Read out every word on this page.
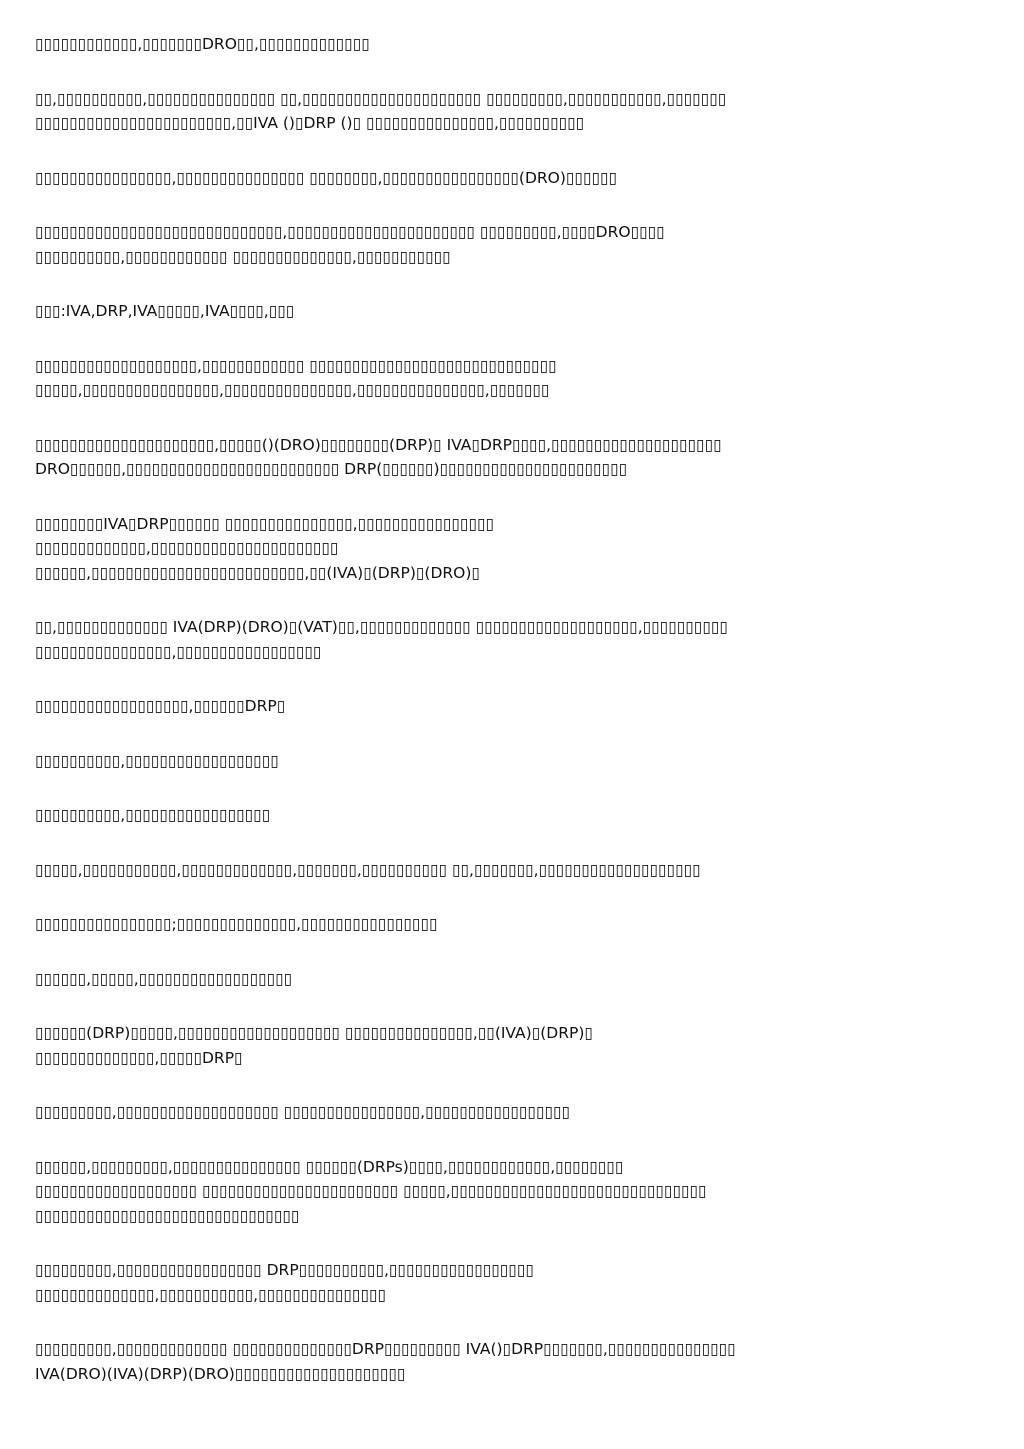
▯▯▯▯▯▯▯▯▯▯▯▯,▯▯▯▯▯▯▯DRO▯▯,▯▯▯▯▯▯▯▯▯▯▯▯▯

▯▯,▯▯▯▯▯▯▯▯▯▯,▯▯▯▯▯▯▯▯▯▯▯▯▯▯▯ ▯▯,▯▯▯▯▯▯▯▯▯▯▯▯▯▯▯▯▯▯▯▯▯ ▯▯▯▯▯▯▯▯▯,▯▯▯▯▯▯▯▯▯▯▯,▯▯▯▯▯▯▯
▯▯▯▯▯▯▯▯▯▯▯▯▯▯▯▯▯▯▯▯▯▯▯,▯▯IVA ()▯DRP ()▯ ▯▯▯▯▯▯▯▯▯▯▯▯▯▯▯,▯▯▯▯▯▯▯▯▯▯

▯▯▯▯▯▯▯▯▯▯▯▯▯▯▯▯,▯▯▯▯▯▯▯▯▯▯▯▯▯▯▯ ▯▯▯▯▯▯▯▯,▯▯▯▯▯▯▯▯▯▯▯▯▯▯▯▯(DRO)▯▯▯▯▯▯

▯▯▯▯▯▯▯▯▯▯▯▯▯▯▯▯▯▯▯▯▯▯▯▯▯▯▯▯▯,▯▯▯▯▯▯▯▯▯▯▯▯▯▯▯▯▯▯▯▯▯▯ ▯▯▯▯▯▯▯▯▯,▯▯▯▯DRO▯▯▯▯
▯▯▯▯▯▯▯▯▯▯,▯▯▯▯▯▯▯▯▯▯▯▯ ▯▯▯▯▯▯▯▯▯▯▯▯▯▯,▯▯▯▯▯▯▯▯▯▯▯

▯▯▯:IVA,DRP,IVA▯▯▯▯▯,IVA▯▯▯▯,▯▯▯

▯▯▯▯▯▯▯▯▯▯▯▯▯▯▯▯▯▯▯,▯▯▯▯▯▯▯▯▯▯▯▯ ▯▯▯▯▯▯▯▯▯▯▯▯▯▯▯▯▯▯▯▯▯▯▯▯▯▯▯▯▯
▯▯▯▯▯,▯▯▯▯▯▯▯▯▯▯▯▯▯▯▯▯,▯▯▯▯▯▯▯▯▯▯▯▯▯▯▯,▯▯▯▯▯▯▯▯▯▯▯▯▯▯▯,▯▯▯▯▯▯▯

▯▯▯▯▯▯▯▯▯▯▯▯▯▯▯▯▯▯▯▯▯,▯▯▯▯▯()(DRO)▯▯▯▯▯▯▯▯(DRP)▯ IVA▯DRP▯▯▯▯,▯▯▯▯▯▯▯▯▯▯▯▯▯▯▯▯▯▯▯▯
DRO▯▯▯▯▯▯,▯▯▯▯▯▯▯▯▯▯▯▯▯▯▯▯▯▯▯▯▯▯▯▯▯ DRP(▯▯▯▯▯▯)▯▯▯▯▯▯▯▯▯▯▯▯▯▯▯▯▯▯▯▯▯▯

▯▯▯▯▯▯▯▯IVA▯DRP▯▯▯▯▯▯ ▯▯▯▯▯▯▯▯▯▯▯▯▯▯▯,▯▯▯▯▯▯▯▯▯▯▯▯▯▯▯▯
▯▯▯▯▯▯▯▯▯▯▯▯▯,▯▯▯▯▯▯▯▯▯▯▯▯▯▯▯▯▯▯▯▯▯▯
▯▯▯▯▯▯,▯▯▯▯▯▯▯▯▯▯▯▯▯▯▯▯▯▯▯▯▯▯▯▯▯,▯▯(IVA)▯(DRP)▯(DRO)▯

▯▯,▯▯▯▯▯▯▯▯▯▯▯▯▯ IVA(DRP)(DRO)▯(VAT)▯▯,▯▯▯▯▯▯▯▯▯▯▯▯▯ ▯▯▯▯▯▯▯▯▯▯▯▯▯▯▯▯▯▯▯,▯▯▯▯▯▯▯▯▯▯
▯▯▯▯▯▯▯▯▯▯▯▯▯▯▯▯,▯▯▯▯▯▯▯▯▯▯▯▯▯▯▯▯▯

▯▯▯▯▯▯▯▯▯▯▯▯▯▯▯▯▯▯,▯▯▯▯▯▯DRP▯

▯▯▯▯▯▯▯▯▯▯,▯▯▯▯▯▯▯▯▯▯▯▯▯▯▯▯▯▯

▯▯▯▯▯▯▯▯▯▯,▯▯▯▯▯▯▯▯▯▯▯▯▯▯▯▯▯

▯▯▯▯▯,▯▯▯▯▯▯▯▯▯▯▯,▯▯▯▯▯▯▯▯▯▯▯▯▯,▯▯▯▯▯▯▯,▯▯▯▯▯▯▯▯▯▯ ▯▯,▯▯▯▯▯▯▯,▯▯▯▯▯▯▯▯▯▯▯▯▯▯▯▯▯▯▯

▯▯▯▯▯▯▯▯▯▯▯▯▯▯▯▯;▯▯▯▯▯▯▯▯▯▯▯▯▯▯,▯▯▯▯▯▯▯▯▯▯▯▯▯▯▯▯

▯▯▯▯▯▯,▯▯▯▯▯,▯▯▯▯▯▯▯▯▯▯▯▯▯▯▯▯▯▯

▯▯▯▯▯▯(DRP)▯▯▯▯▯,▯▯▯▯▯▯▯▯▯▯▯▯▯▯▯▯▯▯▯ ▯▯▯▯▯▯▯▯▯▯▯▯▯▯▯,▯▯(IVA)▯(DRP)▯
▯▯▯▯▯▯▯▯▯▯▯▯▯▯,▯▯▯▯▯DRP▯

▯▯▯▯▯▯▯▯▯,▯▯▯▯▯▯▯▯▯▯▯▯▯▯▯▯▯▯▯ ▯▯▯▯▯▯▯▯▯▯▯▯▯▯▯▯,▯▯▯▯▯▯▯▯▯▯▯▯▯▯▯▯▯

▯▯▯▯▯▯,▯▯▯▯▯▯▯▯▯,▯▯▯▯▯▯▯▯▯▯▯▯▯▯▯ ▯▯▯▯▯▯(DRPs)▯▯▯▯,▯▯▯▯▯▯▯▯▯▯▯▯,▯▯▯▯▯▯▯▯
▯▯▯▯▯▯▯▯▯▯▯▯▯▯▯▯▯▯▯ ▯▯▯▯▯▯▯▯▯▯▯▯▯▯▯▯▯▯▯▯▯▯▯ ▯▯▯▯▯,▯▯▯▯▯▯▯▯▯▯▯▯▯▯▯▯▯▯▯▯▯▯▯▯▯▯▯▯▯▯
▯▯▯▯▯▯▯▯▯▯▯▯▯▯▯▯▯▯▯▯▯▯▯▯▯▯▯▯▯▯▯

▯▯▯▯▯▯▯▯▯,▯▯▯▯▯▯▯▯▯▯▯▯▯▯▯▯▯ DRP▯▯▯▯▯▯▯▯▯▯,▯▯▯▯▯▯▯▯▯▯▯▯▯▯▯▯▯
▯▯▯▯▯▯▯▯▯▯▯▯▯▯,▯▯▯▯▯▯▯▯▯▯▯,▯▯▯▯▯▯▯▯▯▯▯▯▯▯▯

▯▯▯▯▯▯▯▯▯,▯▯▯▯▯▯▯▯▯▯▯▯▯ ▯▯▯▯▯▯▯▯▯▯▯▯▯▯DRP▯▯▯▯▯▯▯▯▯ IVA()▯DRP▯▯▯▯▯▯▯,▯▯▯▯▯▯▯▯▯▯▯▯▯▯▯
IVA(DRO)(IVA)(DRP)(DRO)▯▯▯▯▯▯▯▯▯▯▯▯▯▯▯▯▯▯▯▯
